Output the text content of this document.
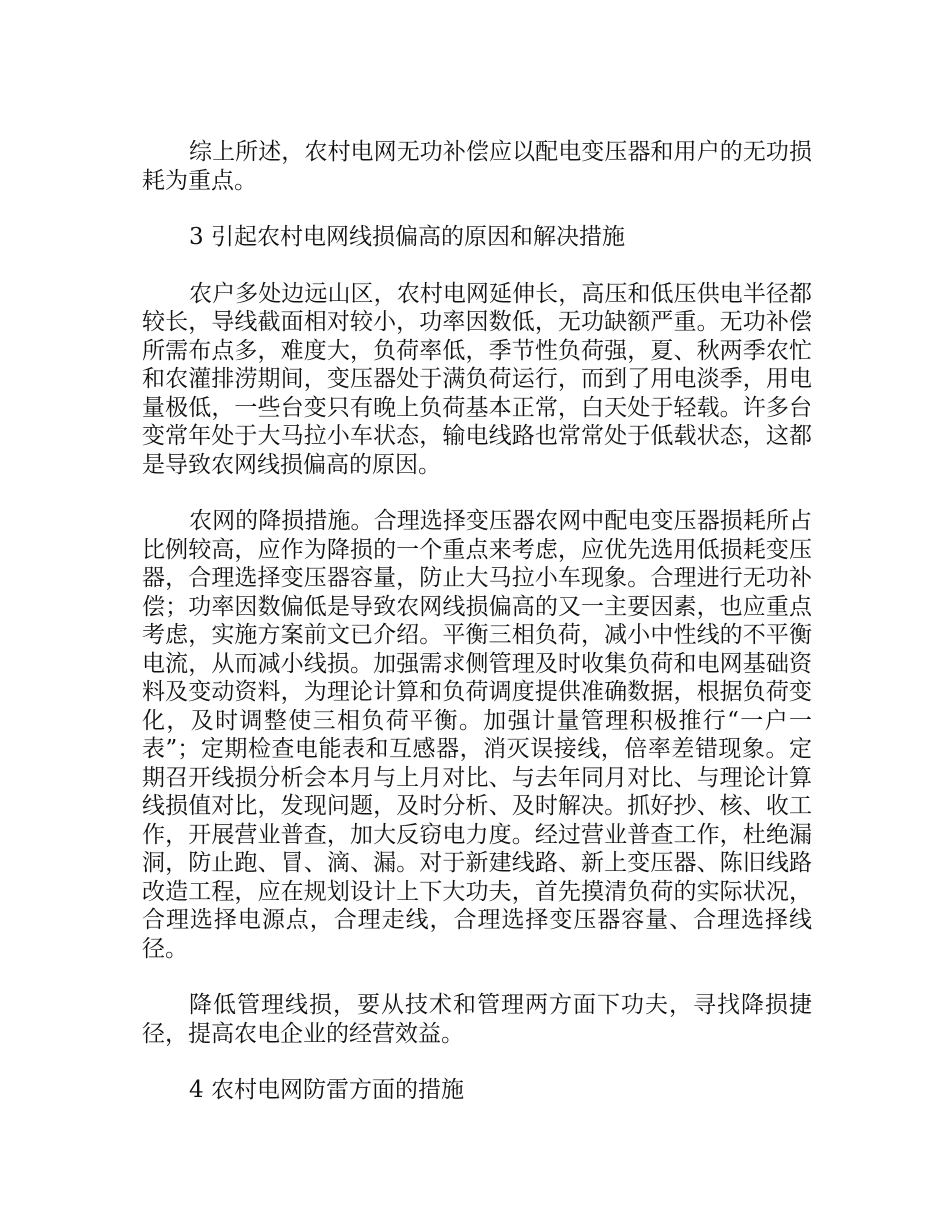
综上所述，农村电网无功补偿应以配电变压器和用户的无功损耗为重点。

3 引起农村电网线损偏高的原因和解决措施

农户多处边远山区，农村电网延伸长，高压和低压供电半径都较长，导线截面相对较小，功率因数低，无功缺额严重。无功补偿所需布点多，难度大，负荷率低，季节性负荷强，夏、秋两季农忙和农灌排涝期间，变压器处于满负荷运行，而到了用电淡季，用电量极低，一些台变只有晚上负荷基本正常，白天处于轻载。许多台变常年处于大马拉小车状态，输电线路也常常处于低载状态，这都是导致农网线损偏高的原因。

农网的降损措施。合理选择变压器农网中配电变压器损耗所占比例较高，应作为降损的一个重点来考虑，应优先选用低损耗变压器，合理选择变压器容量，防止大马拉小车现象。合理进行无功补偿；功率因数偏低是导致农网线损偏高的又一主要因素，也应重点考虑，实施方案前文已介绍。平衡三相负荷，减小中性线的不平衡电流，从而减小线损。加强需求侧管理及时收集负荷和电网基础资料及变动资料，为理论计算和负荷调度提供准确数据，根据负荷变化，及时调整使三相负荷平衡。加强计量管理积极推行“一户一表”；定期检查电能表和互感器，消灭误接线，倍率差错现象。定期召开线损分析会本月与上月对比、与去年同月对比、与理论计算线损值对比，发现问题，及时分析、及时解决。抓好抄、核、收工作，开展营业普查，加大反窃电力度。经过营业普查工作，杜绝漏洞，防止跑、冒、滴、漏。对于新建线路、新上变压器、陈旧线路改造工程，应在规划设计上下大功夫，首先摸清负荷的实际状况，合理选择电源点，合理走线，合理选择变压器容量、合理选择线径。

降低管理线损，要从技术和管理两方面下功夫，寻找降损捷径，提高农电企业的经营效益。

4 农村电网防雷方面的措施
